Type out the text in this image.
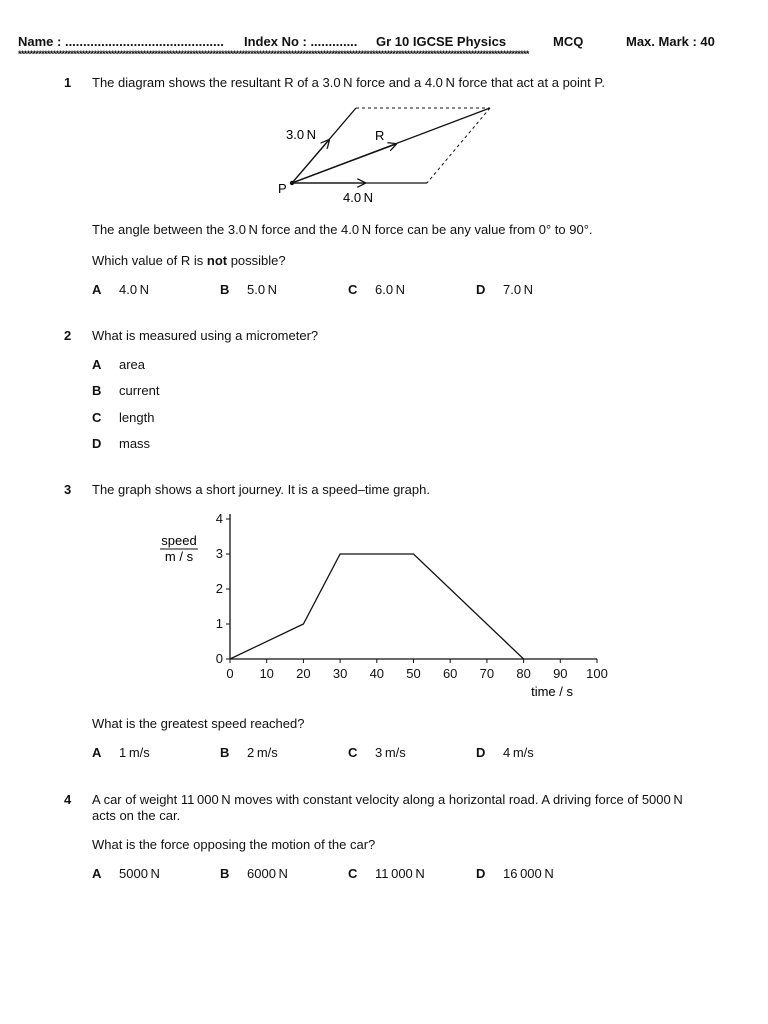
Name : ............................................ Index No : ............. Gr 10 IGCSE Physics	MCQ	Max. Mark : 40
********************************************************************************************************************************************************************************
1 The diagram shows the resultant R of a 3.0 N force and a 4.0 N force that act at a point P.
3.0 N	R
P
4.0 N
The angle between the 3.0 N force and the 4.0 N force can be any value from 0° to 90°.
Which value of R is not possible?
A 4.0 N	B 5.0 N	C 6.0 N	D 7.0 N
2 What is measured using a micrometer?
A area
B current
C length
D mass
3 The graph shows a short journey. It is a speed–time graph.
speed
m / s
time / s
0 10 20 30 40 50 60 70 80 90 100
0
1
2
3
4
What is the greatest speed reached?
A 1 m/s	B 2 m/s	C 3 m/s	D 4 m/s
4 A car of weight 11 000 N moves with constant velocity along a horizontal road. A driving force of 5000 N acts on the car.
What is the force opposing the motion of the car?
A 5000 N	B 6000 N	C 11 000 N	D 16 000 N
